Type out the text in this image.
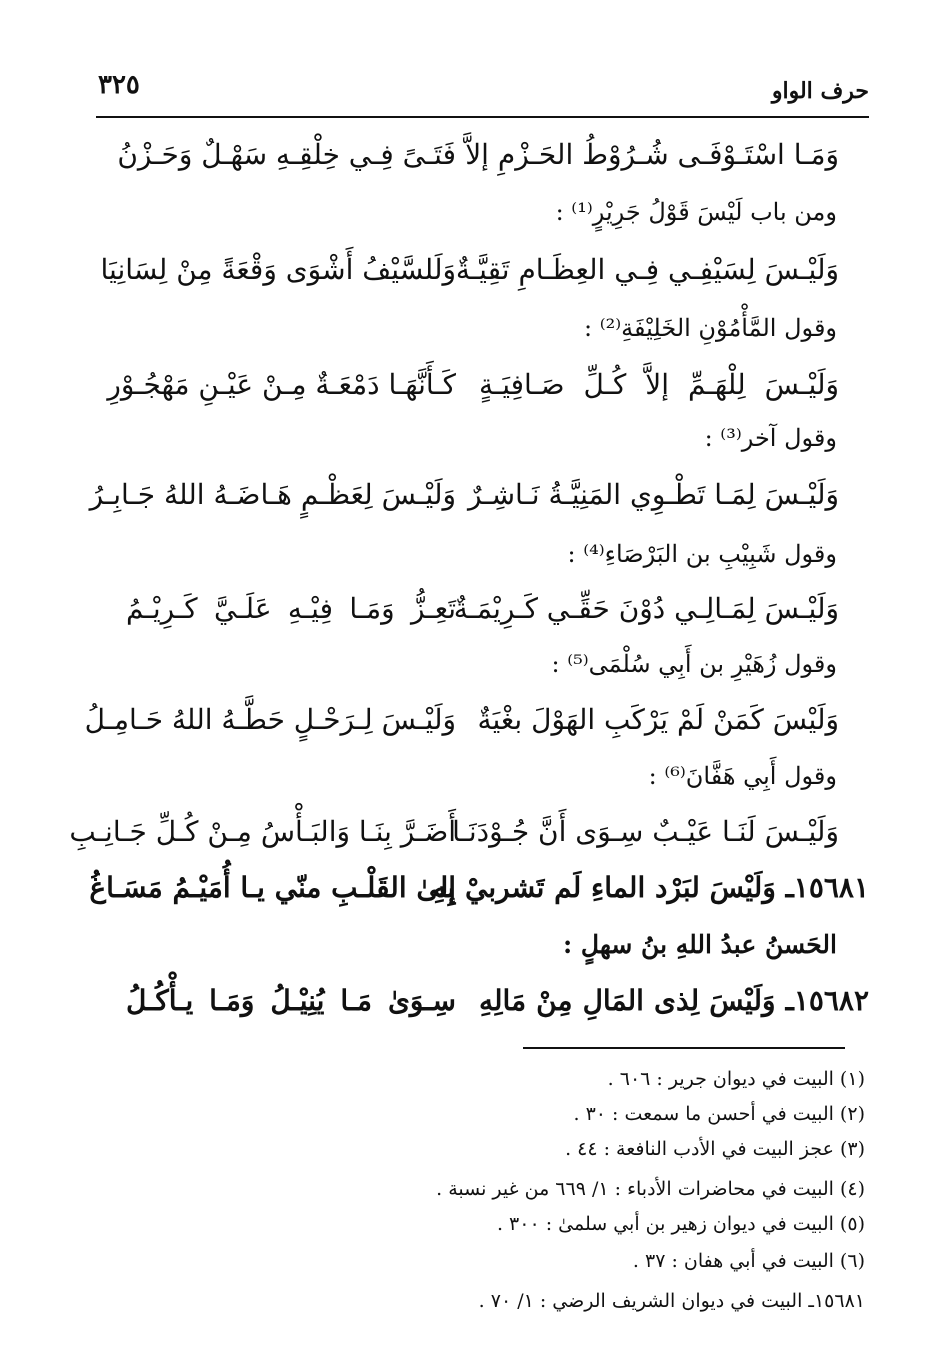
حرف الواو
٣٢٥
وَمَـا اسْتَـوْفَـى شُـرُوْطُ الحَـزْمِ إلاَّ
فَتَـىً فِـي خِلْقِـهِ سَهْـلٌ وَحَـزْنُ
ومن باب لَيْسَ قَوْلُ جَرِيْرٍ⁽¹⁾ :
وَلَيْـسَ لِسَيْفِـي فِـي العِظَـامِ تَقِيَّـةٌ
وَلَلسَّيْفُ أَشْوَى وَقْعَةً مِنْ لِسَانِيَا
وقول المَّأْمُوْنِ الخَلِيْفَةِ⁽²⁾ :
وَلَيْـسَ لِلْهَـمِّ إلاَّ كُـلِّ صَـافِيَـةٍ
كَـأَنَّهَـا دَمْعَـةٌ مِـنْ عَيْـنِ مَهْجُـوْرِ
وقول آخر⁽³⁾ :
وَلَيْـسَ لِمَـا تَطْـوِي المَنِيَّـةُ نَـاشِـرٌ
وَلَيْـسَ لِعَظْـمٍ هَـاضَـهُ اللهُ جَـابِـرُ
وقول شَبِيْبِ بن البَرْصَاءِ⁽⁴⁾ :
وَلَيْـسَ لِمَـالِـي دُوْنَ حَقِّـي كَـرِيْمَـةٌ
تَعِـزُّ وَمَـا فِيْـهِ عَلَـيَّ كَـرِيْـمُ
وقول زُهَيْرِ بن أَبِي سُلْمَى⁽⁵⁾ :
وَلَيْسَ كَمَنْ لَمْ يَرْكَبِ الهَوْلَ بغْيَةٌ
وَلَيْـسَ لِـرَحْـلٍ حَطَّـهُ اللهُ حَـامِـلُ
وقول أَبِي هَفَّانَ⁽⁶⁾ :
وَلَيْـسَ لَنَـا عَيْـبٌ سِـوَى أَنَّ جُـوْدَنَـا
أَضَـرَّ بِنَـا وَالبَـأْسُ مِـنْ كُـلِّ جَـانِـبِ
١٥٦٨١ـ وَلَيْسَ لبَرْد الماءِ لَم تَشربيْ بِهِ
إلىٰ القَلْـبِ منّي يـا أُمَيْـمُ مَسَـاغُ
الحَسنُ عبدُ اللهِ بنُ سهلٍ :
١٥٦٨٢ـ وَلَيْسَ لِذى المَالِ مِنْ مَالِهِ
سِـوَىٰ مَـا يُنِيْـلُ وَمَـا يـأْكُـلُ
(١) البيت في ديوان جرير : ٦٠٦ .
(٢) البيت في أحسن ما سمعت : ٣٠ .
(٣) عجز البيت في الأدب النافعة : ٤٤ .
(٤) البيت في محاضرات الأدباء : ١/ ٦٦٩ من غير نسبة .
(٥) البيت في ديوان زهير بن أبي سلمىٰ : ٣٠٠ .
(٦) البيت في أبي هفان : ٣٧ .
١٥٦٨١ـ البيت في ديوان الشريف الرضي : ١/ ٧٠ .
